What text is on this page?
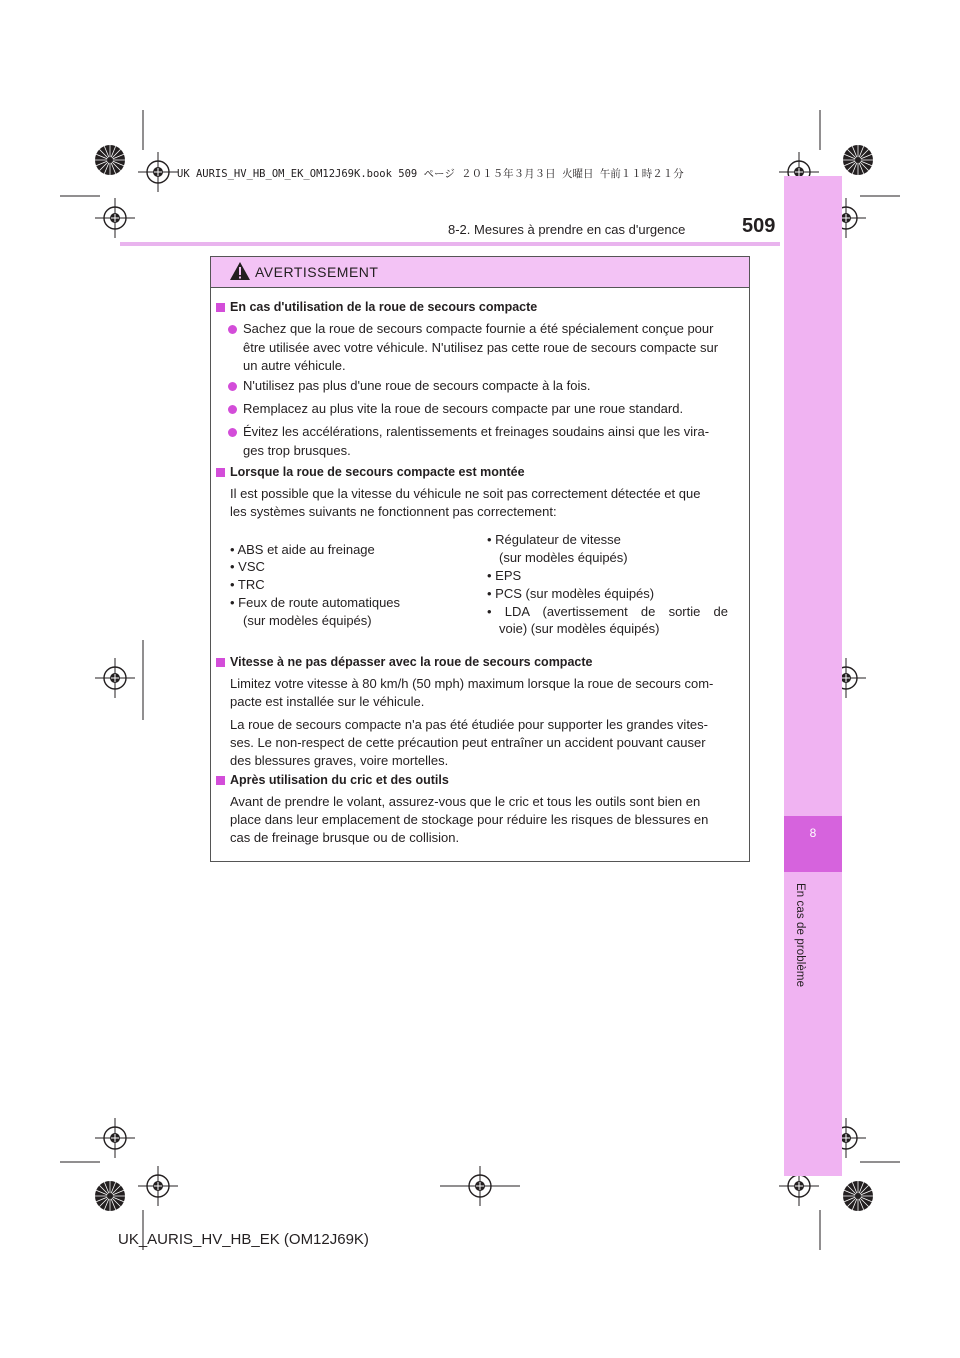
UK AURIS_HV_HB_OM_EK_OM12J69K.book 509 ページ ２０１５年３月３日 火曜日 午前１１時２１分
8
En cas de problème
8-2. Mesures à prendre en cas d'urgence	509
AVERTISSEMENT
En cas d'utilisation de la roue de secours compacte
Sachez que la roue de secours compacte fournie a été spécialement conçue pour
être utilisée avec votre véhicule. N'utilisez pas cette roue de secours compacte sur
un autre véhicule.
N'utilisez pas plus d'une roue de secours compacte à la fois.
Remplacez au plus vite la roue de secours compacte par une roue standard.
Évitez les accélérations, ralentissements et freinages soudains ainsi que les vira-
ges trop brusques.
Lorsque la roue de secours compacte est montée
Il est possible que la vitesse du véhicule ne soit pas correctement détectée et que
les systèmes suivants ne fonctionnent pas correctement:
• ABS et aide au freinage
• VSC
• TRC
• Feux de route automatiques
(sur modèles équipés)
• Régulateur de vitesse
(sur modèles équipés)
• EPS
• PCS (sur modèles équipés)
• LDA (avertissement de sortie de
voie) (sur modèles équipés)
Vitesse à ne pas dépasser avec la roue de secours compacte
Limitez votre vitesse à 80 km/h (50 mph) maximum lorsque la roue de secours com-
pacte est installée sur le véhicule.
La roue de secours compacte n'a pas été étudiée pour supporter les grandes vites-
ses. Le non-respect de cette précaution peut entraîner un accident pouvant causer
des blessures graves, voire mortelles.
Après utilisation du cric et des outils
Avant de prendre le volant, assurez-vous que le cric et tous les outils sont bien en
place dans leur emplacement de stockage pour réduire les risques de blessures en
cas de freinage brusque ou de collision.
UK_AURIS_HV_HB_EK (OM12J69K)
